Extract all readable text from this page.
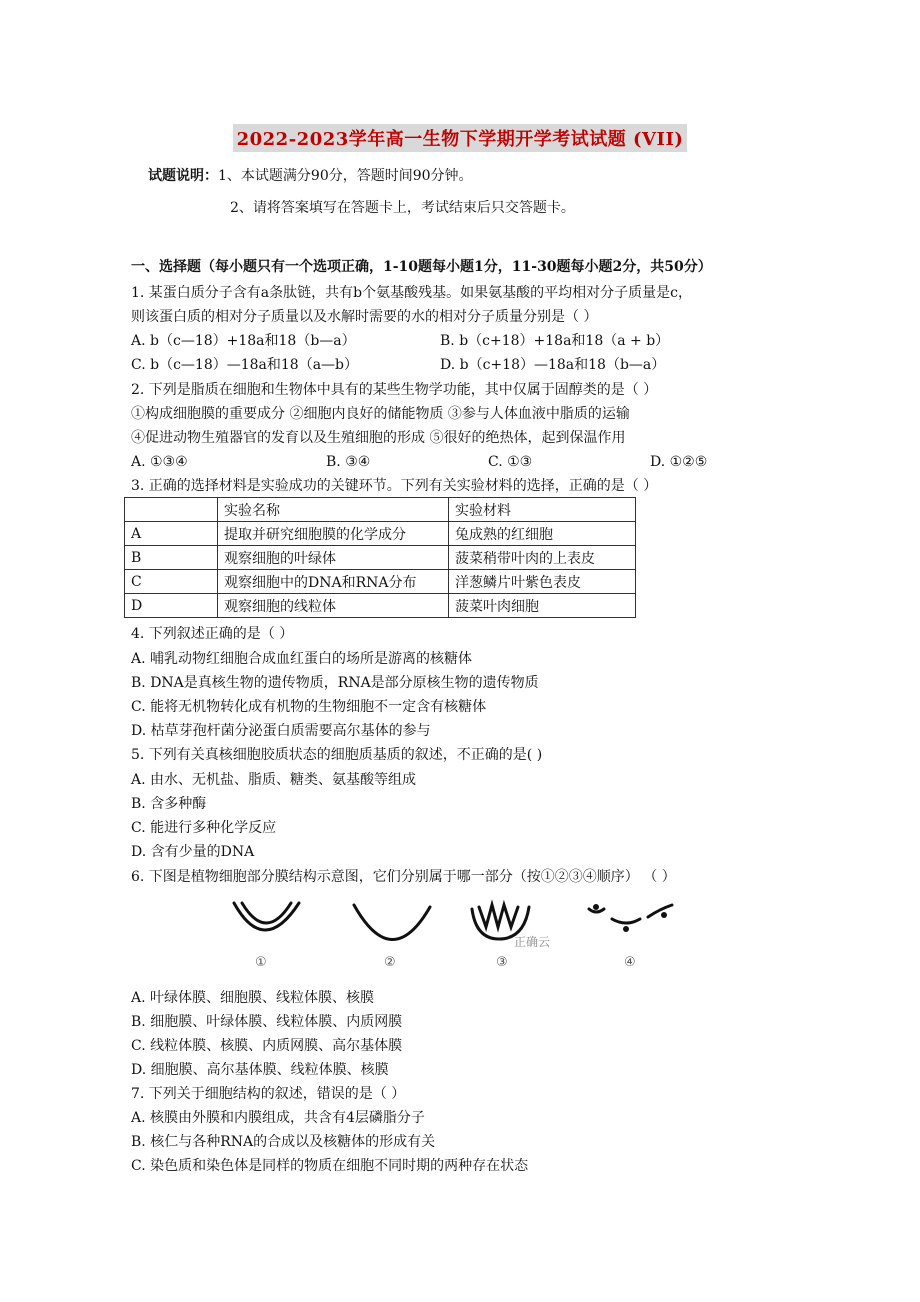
2022-2023学年高一生物下学期开学考试试题 (VII)
试题说明：1、本试题满分90分，答题时间90分钟。
2、请将答案填写在答题卡上，考试结束后只交答题卡。
一、选择题（每小题只有一个选项正确，1-10题每小题1分，11-30题每小题2分，共50分）
1. 某蛋白质分子含有a条肽链，共有b个氨基酸残基。如果氨基酸的平均相对分子质量是c，
则该蛋白质的相对分子质量以及水解时需要的水的相对分子质量分别是（ ）
A. b（c—18）+18a和18（b—a）	B. b（c+18）+18a和18（a + b）
C. b（c—18）—18a和18（a—b）	D. b（c+18）—18a和18（b—a）
2. 下列是脂质在细胞和生物体中具有的某些生物学功能，其中仅属于固醇类的是（ ）
①构成细胞膜的重要成分 ②细胞内良好的储能物质 ③参与人体血液中脂质的运输
④促进动物生殖器官的发育以及生殖细胞的形成 ⑤很好的绝热体，起到保温作用
A. ①③④	B. ③④	C. ①③	D. ①②⑤
3. 正确的选择材料是实验成功的关键环节。下列有关实验材料的选择，正确的是（ ）
	实验名称	实验材料
A	提取并研究细胞膜的化学成分	兔成熟的红细胞
B	观察细胞的叶绿体	菠菜稍带叶肉的上表皮
C	观察细胞中的DNA和RNA分布	洋葱鳞片叶紫色表皮
D	观察细胞的线粒体	菠菜叶肉细胞
4. 下列叙述正确的是（ ）
A. 哺乳动物红细胞合成血红蛋白的场所是游离的核糖体
B. DNA是真核生物的遗传物质，RNA是部分原核生物的遗传物质
C. 能将无机物转化成有机物的生物细胞不一定含有核糖体
D. 枯草芽孢杆菌分泌蛋白质需要高尔基体的参与
5. 下列有关真核细胞胶质状态的细胞质基质的叙述，不正确的是( )
A. 由水、无机盐、脂质、糖类、氨基酸等组成
B. 含多种酶
C. 能进行多种化学反应
D. 含有少量的DNA
6. 下图是植物细胞部分膜结构示意图，它们分别属于哪一部分（按①②③④顺序） （ ）
①	②	③	④
正确云
A. 叶绿体膜、细胞膜、线粒体膜、核膜
B. 细胞膜、叶绿体膜、线粒体膜、内质网膜
C. 线粒体膜、核膜、内质网膜、高尔基体膜
D. 细胞膜、高尔基体膜、线粒体膜、核膜
7. 下列关于细胞结构的叙述，错误的是（ ）
A. 核膜由外膜和内膜组成，共含有4层磷脂分子
B. 核仁与各种RNA的合成以及核糖体的形成有关
C. 染色质和染色体是同样的物质在细胞不同时期的两种存在状态
